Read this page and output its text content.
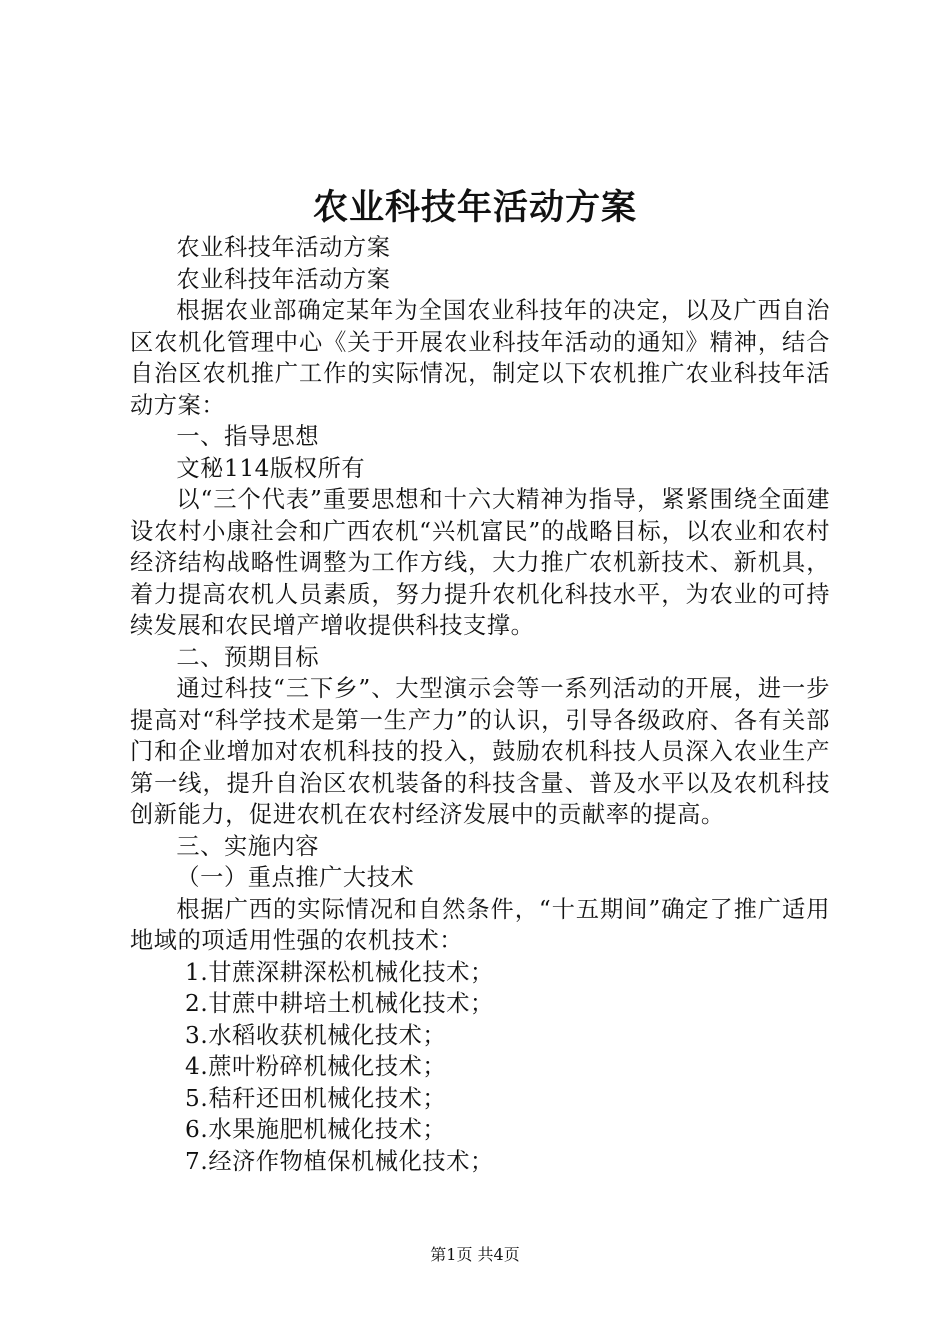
农业科技年活动方案

农业科技年活动方案

农业科技年活动方案

根据农业部确定某年为全国农业科技年的决定，以及广西自治区农机化管理中心《关于开展农业科技年活动的通知》精神，结合自治区农机推广工作的实际情况，制定以下农机推广农业科技年活动方案：

一、指导思想

文秘114版权所有

以“三个代表”重要思想和十六大精神为指导，紧紧围绕全面建设农村小康社会和广西农机“兴机富民”的战略目标，以农业和农村经济结构战略性调整为工作方线，大力推广农机新技术、新机具，着力提高农机人员素质，努力提升农机化科技水平，为农业的可持续发展和农民增产增收提供科技支撑。

二、预期目标

通过科技“三下乡”、大型演示会等一系列活动的开展，进一步提高对“科学技术是第一生产力”的认识，引导各级政府、各有关部门和企业增加对农机科技的投入，鼓励农机科技人员深入农业生产第一线，提升自治区农机装备的科技含量、普及水平以及农机科技创新能力，促进农机在农村经济发展中的贡献率的提高。

三、实施内容

（一）重点推广大技术

根据广西的实际情况和自然条件，“十五期间”确定了推广适用地域的项适用性强的农机技术：

1.甘蔗深耕深松机械化技术；

2.甘蔗中耕培土机械化技术；

3.水稻收获机械化技术；

4.蔗叶粉碎机械化技术；

5.秸秆还田机械化技术；

6.水果施肥机械化技术；

7.经济作物植保机械化技术；

第1页 共4页
